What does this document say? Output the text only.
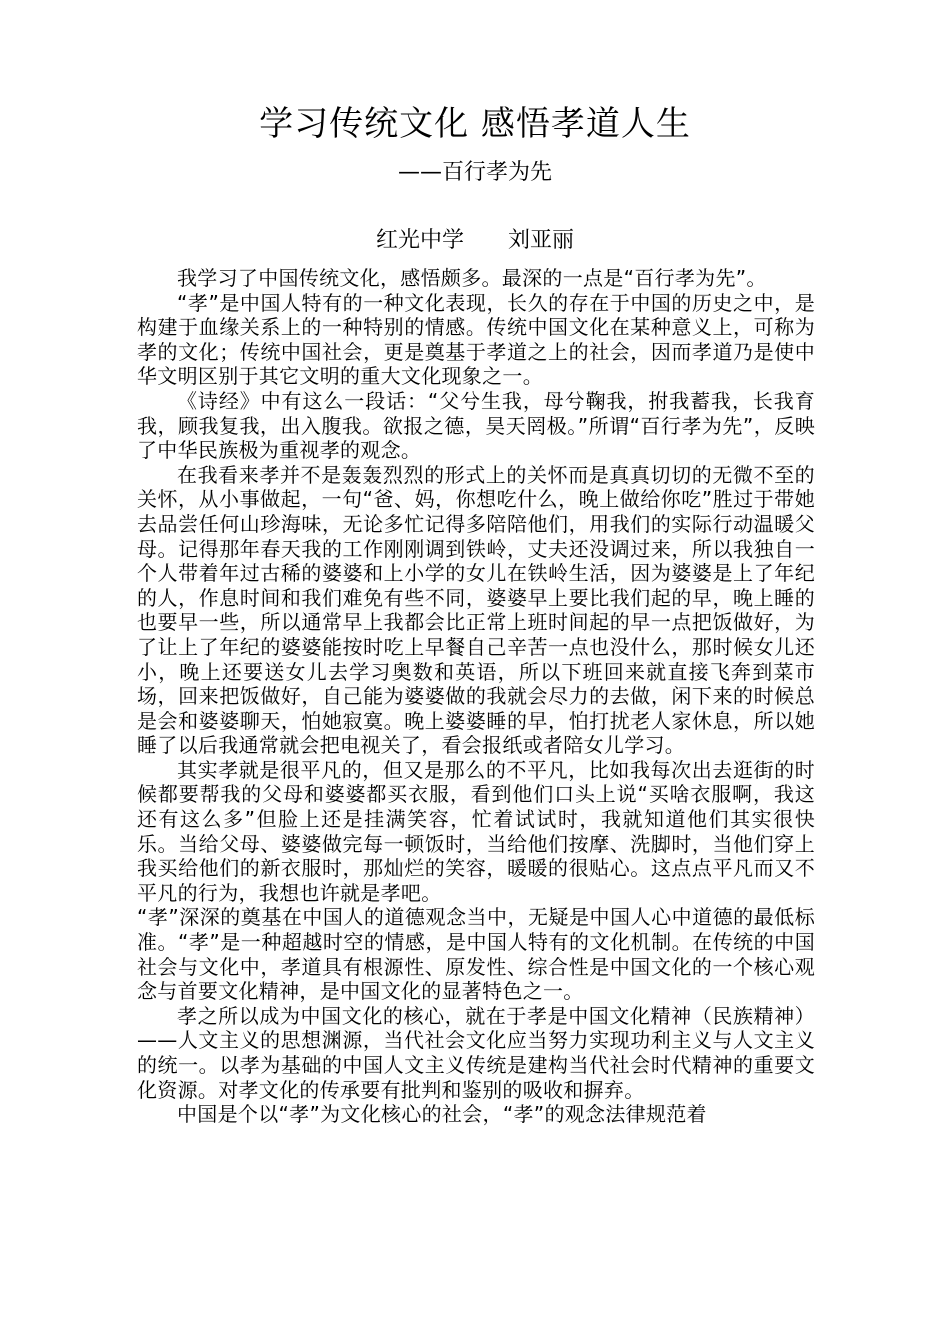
学习传统文化 感悟孝道人生
——百行孝为先
红光中学 刘亚丽

我学习了中国传统文化，感悟颇多。最深的一点是“百行孝为先”。

“孝”是中国人特有的一种文化表现，长久的存在于中国的历史之中，是构建于血缘关系上的一种特别的情感。传统中国文化在某种意义上，可称为孝的文化；传统中国社会，更是奠基于孝道之上的社会，因而孝道乃是使中华文明区别于其它文明的重大文化现象之一。

《诗经》中有这么一段话：“父兮生我，母兮鞠我，拊我蓄我，长我育我，顾我复我，出入腹我。欲报之德，昊天罔极。”所谓“百行孝为先”，反映了中华民族极为重视孝的观念。

在我看来孝并不是轰轰烈烈的形式上的关怀而是真真切切的无微不至的关怀，从小事做起，一句“爸、妈，你想吃什么，晚上做给你吃”胜过于带她去品尝任何山珍海味，无论多忙记得多陪陪他们，用我们的实际行动温暖父母。记得那年春天我的工作刚刚调到铁岭，丈夫还没调过来，所以我独自一个人带着年过古稀的婆婆和上小学的女儿在铁岭生活，因为婆婆是上了年纪的人，作息时间和我们难免有些不同，婆婆早上要比我们起的早，晚上睡的也要早一些，所以通常早上我都会比正常上班时间起的早一点把饭做好，为了让上了年纪的婆婆能按时吃上早餐自己辛苦一点也没什么，那时候女儿还小，晚上还要送女儿去学习奥数和英语，所以下班回来就直接飞奔到菜市场，回来把饭做好，自己能为婆婆做的我就会尽力的去做，闲下来的时候总是会和婆婆聊天，怕她寂寞。晚上婆婆睡的早，怕打扰老人家休息，所以她睡了以后我通常就会把电视关了，看会报纸或者陪女儿学习。

其实孝就是很平凡的，但又是那么的不平凡，比如我每次出去逛街的时候都要帮我的父母和婆婆都买衣服，看到他们口头上说“买啥衣服啊，我这还有这么多”但脸上还是挂满笑容，忙着试试时，我就知道他们其实很快乐。当给父母、婆婆做完每一顿饭时，当给他们按摩、洗脚时，当他们穿上我买给他们的新衣服时，那灿烂的笑容，暖暖的很贴心。这点点平凡而又不平凡的行为，我想也许就是孝吧。

“孝”深深的奠基在中国人的道德观念当中，无疑是中国人心中道德的最低标准。“孝”是一种超越时空的情感，是中国人特有的文化机制。在传统的中国社会与文化中，孝道具有根源性、原发性、综合性是中国文化的一个核心观念与首要文化精神，是中国文化的显著特色之一。

孝之所以成为中国文化的核心，就在于孝是中国文化精神（民族精神）——人文主义的思想渊源，当代社会文化应当努力实现功利主义与人文主义的统一。以孝为基础的中国人文主义传统是建构当代社会时代精神的重要文化资源。对孝文化的传承要有批判和鉴别的吸收和摒弃。

中国是个以“孝”为文化核心的社会，“孝”的观念法律规范着
